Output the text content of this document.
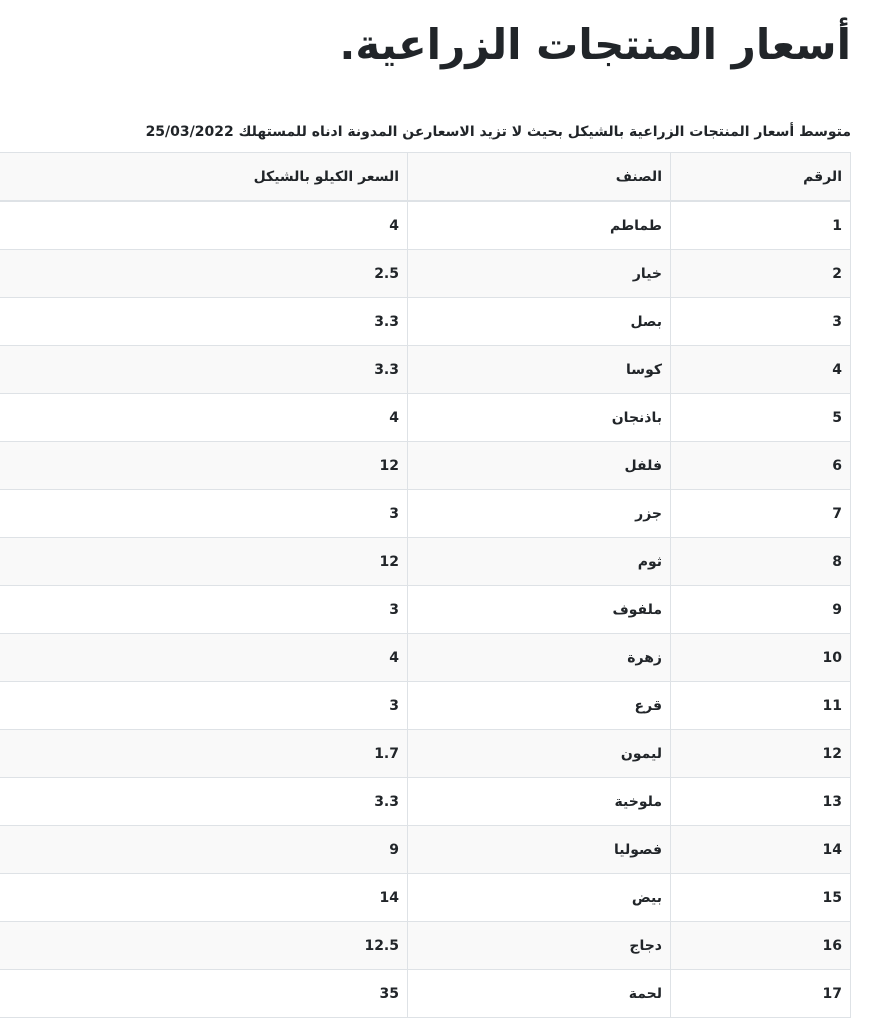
أسعار المنتجات الزراعية.

متوسط أسعار المنتجات الزراعية بالشيكل بحيث لا تزيد الاسعارعن المدونة ادناه للمستهلك 25/03/2022

الرقم	الصنف	السعر الكيلو بالشيكل
1	طماطم	4
2	خيار	2.5
3	بصل	3.3
4	كوسا	3.3
5	باذنجان	4
6	فلفل	12
7	جزر	3
8	ثوم	12
9	ملفوف	3
10	زهرة	4
11	قرع	3
12	ليمون	1.7
13	ملوخية	3.3
14	فصوليا	9
15	بيض	14
16	دجاج	12.5
17	لحمة	35
